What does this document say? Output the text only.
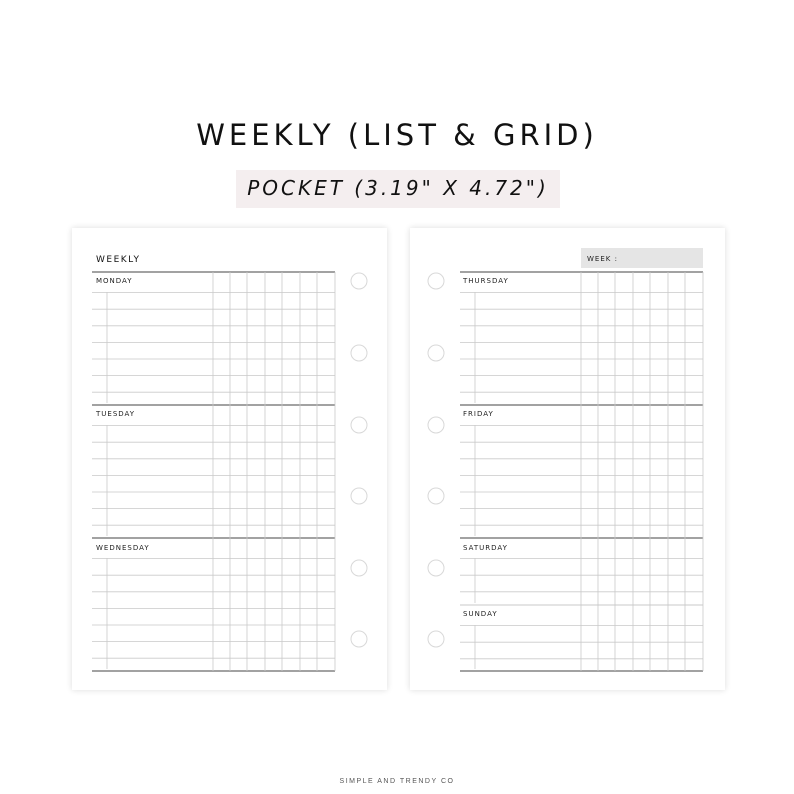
WEEKLY (LIST & GRID)
POCKET (3.19" X 4.72")
WEEKLY
MONDAY
TUESDAY
WEDNESDAY
WEEK :
THURSDAY
FRIDAY
SATURDAY
SUNDAY
SIMPLE AND TRENDY CO
